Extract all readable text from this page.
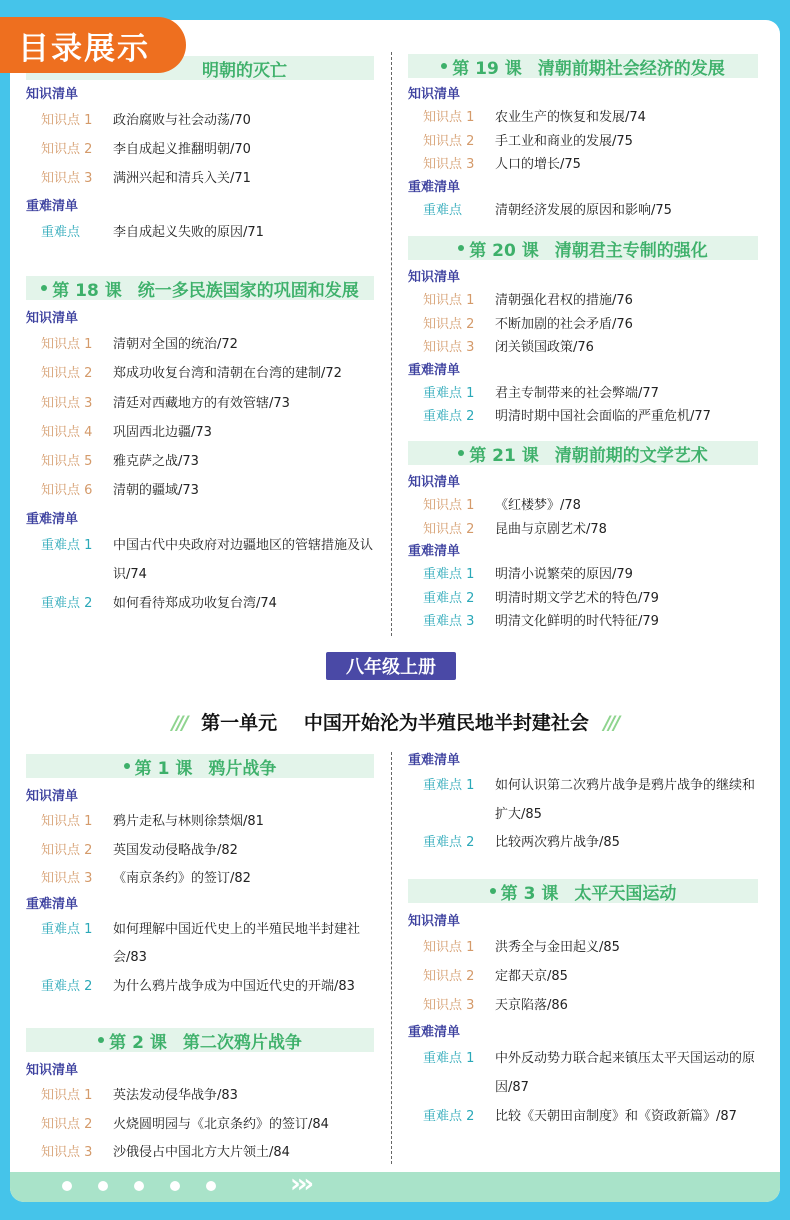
›››
目录展示
明朝的灭亡
知识清单
知识点 1	政治腐败与社会动荡/70
知识点 2	李自成起义推翻明朝/70
知识点 3	满洲兴起和清兵入关/71
重难清单
重难点	李自成起义失败的原因/71
第 18 课 统一多民族国家的巩固和发展
知识清单
知识点 1	清朝对全国的统治/72
知识点 2	郑成功收复台湾和清朝在台湾的建制/72
知识点 3	清廷对西藏地方的有效管辖/73
知识点 4	巩固西北边疆/73
知识点 5	雅克萨之战/73
知识点 6	清朝的疆域/73
重难清单
重难点 1	中国古代中央政府对边疆地区的管辖措施及认识/74
重难点 2	如何看待郑成功收复台湾/74
第 19 课 清朝前期社会经济的发展
知识清单
知识点 1	农业生产的恢复和发展/74
知识点 2	手工业和商业的发展/75
知识点 3	人口的增长/75
重难清单
重难点	清朝经济发展的原因和影响/75
第 20 课 清朝君主专制的强化
知识清单
知识点 1	清朝强化君权的措施/76
知识点 2	不断加剧的社会矛盾/76
知识点 3	闭关锁国政策/76
重难清单
重难点 1	君主专制带来的社会弊端/77
重难点 2	明清时期中国社会面临的严重危机/77
第 21 课 清朝前期的文学艺术
知识清单
知识点 1	《红楼梦》/78
知识点 2	昆曲与京剧艺术/78
重难清单
重难点 1	明清小说繁荣的原因/79
重难点 2	明清时期文学艺术的特色/79
重难点 3	明清文化鲜明的时代特征/79
八年级上册
/// 第一单元 中国开始沦为半殖民地半封建社会 ///
第 1 课 鸦片战争
知识清单
知识点 1	鸦片走私与林则徐禁烟/81
知识点 2	英国发动侵略战争/82
知识点 3	《南京条约》的签订/82
重难清单
重难点 1	如何理解中国近代史上的半殖民地半封建社会/83
重难点 2	为什么鸦片战争成为中国近代史的开端/83
第 2 课 第二次鸦片战争
知识清单
知识点 1	英法发动侵华战争/83
知识点 2	火烧圆明园与《北京条约》的签订/84
知识点 3	沙俄侵占中国北方大片领土/84
重难清单
重难点 1	如何认识第二次鸦片战争是鸦片战争的继续和扩大/85
重难点 2	比较两次鸦片战争/85
第 3 课 太平天国运动
知识清单
知识点 1	洪秀全与金田起义/85
知识点 2	定都天京/85
知识点 3	天京陷落/86
重难清单
重难点 1	中外反动势力联合起来镇压太平天国运动的原因/87
重难点 2	比较《天朝田亩制度》和《资政新篇》/87
